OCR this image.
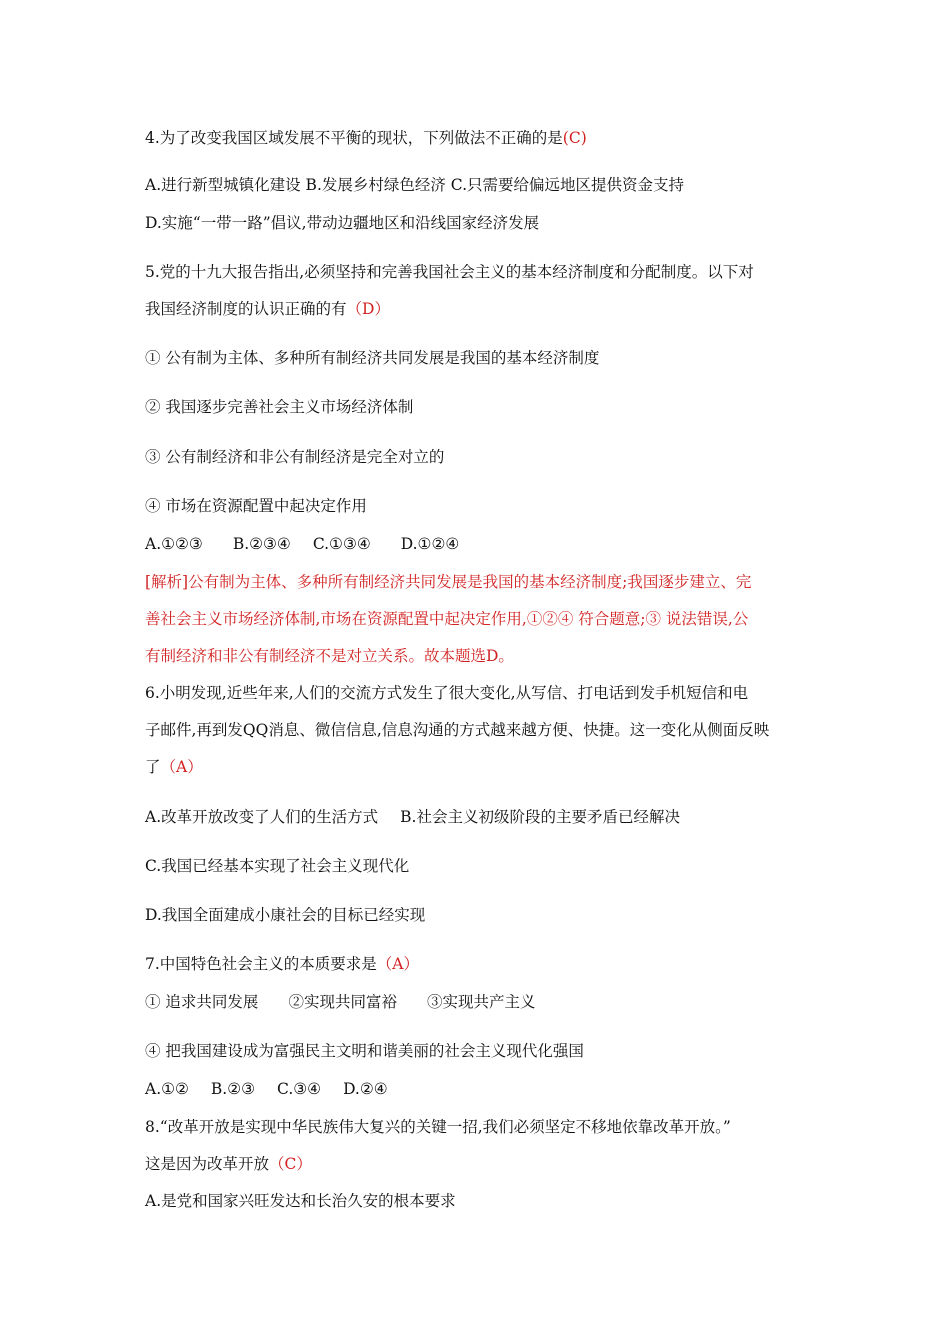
4.为了改变我国区域发展不平衡的现状，下列做法不正确的是(C)
A.进行新型城镇化建设 B.发展乡村绿色经济 C.只需要给偏远地区提供资金支持
D.实施“一带一路”倡议,带动边疆地区和沿线国家经济发展
5.党的十九大报告指出,必须坚持和完善我国社会主义的基本经济制度和分配制度。以下对
我国经济制度的认识正确的有（D）
① 公有制为主体、多种所有制经济共同发展是我国的基本经济制度
② 我国逐步完善社会主义市场经济体制
③ 公有制经济和非公有制经济是完全对立的
④ 市场在资源配置中起决定作用
A.①②③ B.②③④ C.①③④ D.①②④
[解析]公有制为主体、多种所有制经济共同发展是我国的基本经济制度;我国逐步建立、完
善社会主义市场经济体制,市场在资源配置中起决定作用,①②④ 符合题意;③ 说法错误,公
有制经济和非公有制经济不是对立关系。故本题选D。
6.小明发现,近些年来,人们的交流方式发生了很大变化,从写信、打电话到发手机短信和电
子邮件,再到发QQ消息、微信信息,信息沟通的方式越来越方便、快捷。这一变化从侧面反映
了（A）
A.改革开放改变了人们的生活方式 B.社会主义初级阶段的主要矛盾已经解决
C.我国已经基本实现了社会主义现代化
D.我国全面建成小康社会的目标已经实现
7.中国特色社会主义的本质要求是（A）
① 追求共同发展 ②实现共同富裕 ③实现共产主义
④ 把我国建设成为富强民主文明和谐美丽的社会主义现代化强国
A.①② B.②③ C.③④ D.②④
8.“改革开放是实现中华民族伟大复兴的关键一招,我们必须坚定不移地依靠改革开放。”
这是因为改革开放（C）
A.是党和国家兴旺发达和长治久安的根本要求
